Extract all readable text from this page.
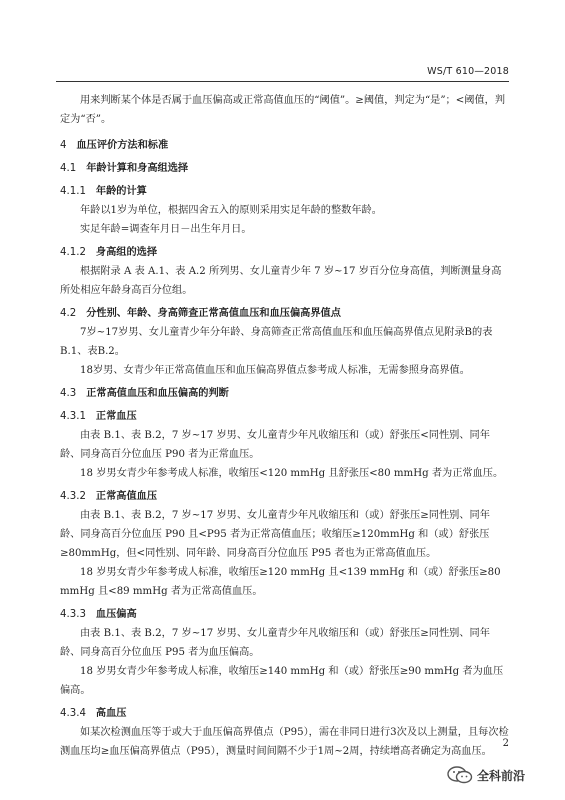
WS/T 610—2018

用来判断某个体是否属于血压偏高或正常高值血压的“阈值”。≥阈值，判定为“是”；<阈值，判定为“否”。

4 血压评价方法和标准

4.1 年龄计算和身高组选择

4.1.1 年龄的计算

年龄以1岁为单位，根据四舍五入的原则采用实足年龄的整数年龄。

实足年龄=调查年月日－出生年月日。

4.1.2 身高组的选择

根据附录 A 表 A.1、表 A.2 所列男、女儿童青少年 7 岁~17 岁百分位身高值，判断测量身高所处相应年龄身高百分位组。

4.2 分性别、年龄、身高筛查正常高值血压和血压偏高界值点

7岁~17岁男、女儿童青少年分年龄、身高筛查正常高值血压和血压偏高界值点见附录B的表B.1、表B.2。

18岁男、女青少年正常高值血压和血压偏高界值点参考成人标准，无需参照身高界值。

4.3 正常高值血压和血压偏高的判断

4.3.1 正常血压

由表 B.1、表 B.2，7 岁~17 岁男、女儿童青少年凡收缩压和（或）舒张压<同性别、同年龄、同身高百分位血压 P90 者为正常血压。

18 岁男女青少年参考成人标准，收缩压<120 mmHg 且舒张压<80 mmHg 者为正常血压。

4.3.2 正常高值血压

由表 B.1、表 B.2，7 岁~17 岁男、女儿童青少年凡收缩压和（或）舒张压≥同性别、同年龄、同身高百分位血压 P90 且<P95 者为正常高值血压；收缩压≥120mmHg 和（或）舒张压≥80mmHg，但<同性别、同年龄、同身高百分位血压 P95 者也为正常高值血压。

18 岁男女青少年参考成人标准，收缩压≥120 mmHg 且<139 mmHg 和（或）舒张压≥80 mmHg 且<89 mmHg 者为正常高值血压。

4.3.3 血压偏高

由表 B.1、表 B.2，7 岁~17 岁男、女儿童青少年凡收缩压和（或）舒张压≥同性别、同年龄、同身高百分位血压 P95 者为血压偏高。

18 岁男女青少年参考成人标准，收缩压≥140 mmHg 和（或）舒张压≥90 mmHg 者为血压偏高。

4.3.4 高血压

如某次检测血压等于或大于血压偏高界值点（P95），需在非同日进行3次及以上测量，且每次检测血压均≥血压偏高界值点（P95），测量时间间隔不少于1周~2周，持续增高者确定为高血压。

2
全科前沿
